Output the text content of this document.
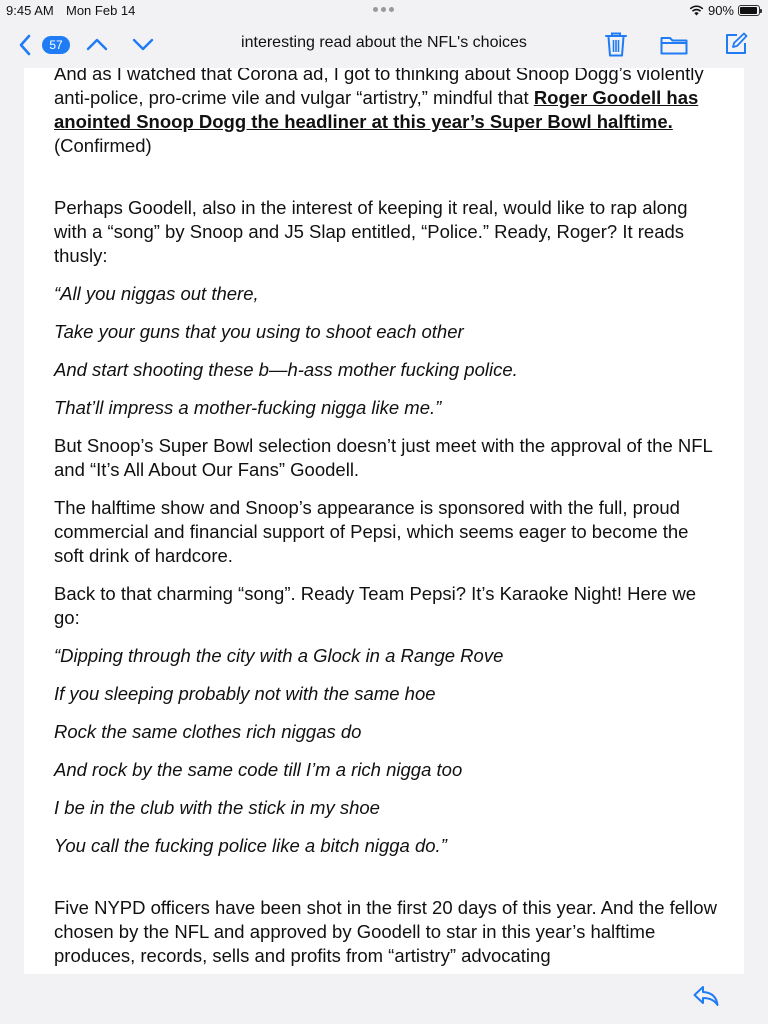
9:45 AM Mon Feb 14	90%
57	interesting read about the NFL's choices

And as I watched that Corona ad, I got to thinking about Snoop Dogg’s violently anti-police, pro-crime vile and vulgar “artistry,” mindful that Roger Goodell has anointed Snoop Dogg the headliner at this year’s Super Bowl halftime. (Confirmed)

Perhaps Goodell, also in the interest of keeping it real, would like to rap along with a “song” by Snoop and J5 Slap entitled, “Police.” Ready, Roger? It reads thusly:

“All you niggas out there,

Take your guns that you using to shoot each other

And start shooting these b—h-ass mother fucking police.

That’ll impress a mother-fucking nigga like me.”

But Snoop’s Super Bowl selection doesn’t just meet with the approval of the NFL and “It’s All About Our Fans” Goodell.

The halftime show and Snoop’s appearance is sponsored with the full, proud commercial and financial support of Pepsi, which seems eager to become the soft drink of hardcore.

Back to that charming “song”. Ready Team Pepsi? It’s Karaoke Night! Here we go:

“Dipping through the city with a Glock in a Range Rove

If you sleeping probably not with the same hoe

Rock the same clothes rich niggas do

And rock by the same code till I’m a rich nigga too

I be in the club with the stick in my shoe

You call the fucking police like a bitch nigga do.”

Five NYPD officers have been shot in the first 20 days of this year. And the fellow chosen by the NFL and approved by Goodell to star in this year’s halftime produces, records, sells and profits from “artistry” advocating
